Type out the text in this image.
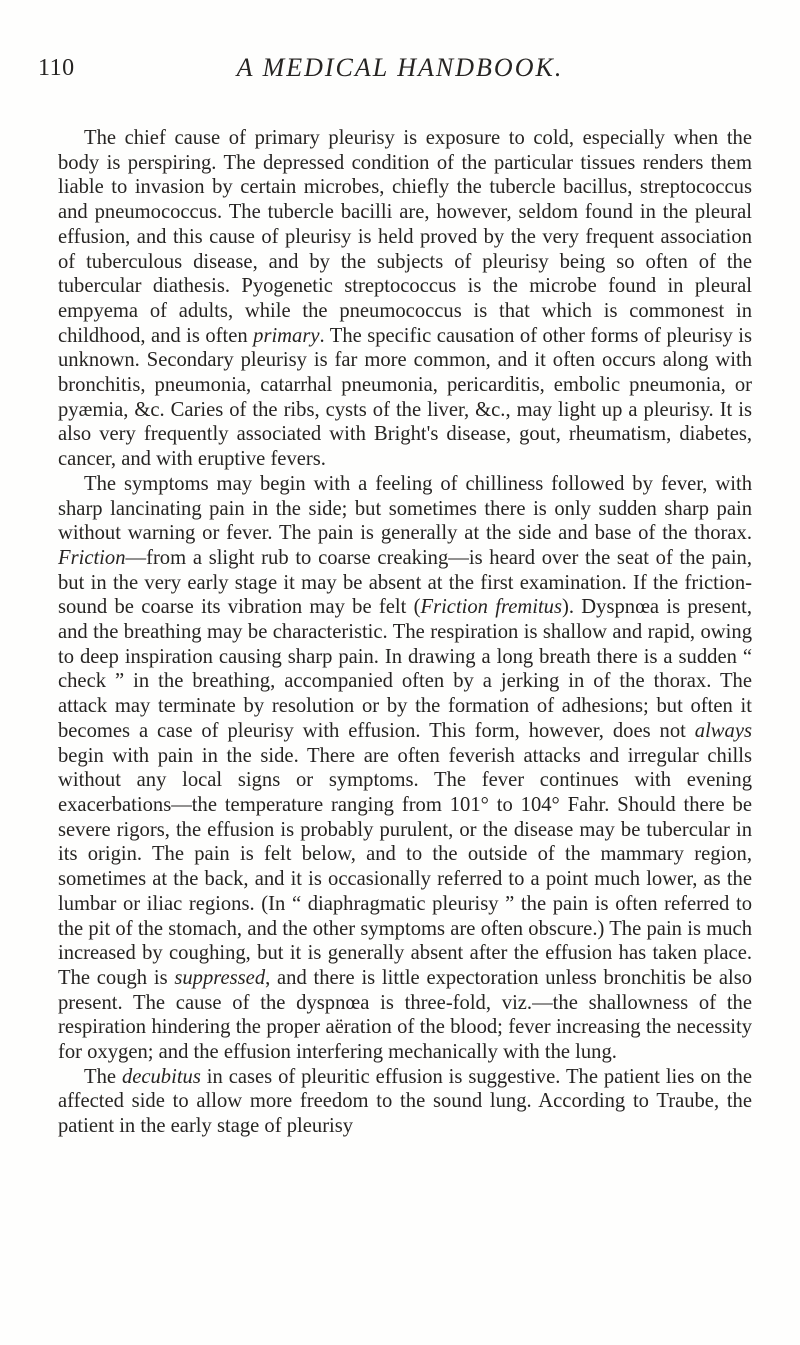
110	A MEDICAL HANDBOOK.

The chief cause of primary pleurisy is exposure to cold, especially when the body is perspiring. The depressed condition of the particular tissues renders them liable to invasion by certain microbes, chiefly the tubercle bacillus, streptococcus and pneumococcus. The tubercle bacilli are, however, seldom found in the pleural effusion, and this cause of pleurisy is held proved by the very frequent association of tuberculous disease, and by the subjects of pleurisy being so often of the tubercular diathesis. Pyogenetic streptococcus is the microbe found in pleural empyema of adults, while the pneumococcus is that which is commonest in childhood, and is often primary. The specific causation of other forms of pleurisy is unknown. Secondary pleurisy is far more common, and it often occurs along with bronchitis, pneumonia, catarrhal pneumonia, pericarditis, embolic pneumonia, or pyæmia, &c. Caries of the ribs, cysts of the liver, &c., may light up a pleurisy. It is also very frequently associated with Bright's disease, gout, rheumatism, diabetes, cancer, and with eruptive fevers.

The symptoms may begin with a feeling of chilliness followed by fever, with sharp lancinating pain in the side; but sometimes there is only sudden sharp pain without warning or fever. The pain is generally at the side and base of the thorax. Friction—from a slight rub to coarse creaking—is heard over the seat of the pain, but in the very early stage it may be absent at the first examination. If the friction-sound be coarse its vibration may be felt (Friction fremitus). Dyspnœa is present, and the breathing may be characteristic. The respiration is shallow and rapid, owing to deep inspiration causing sharp pain. In drawing a long breath there is a sudden “ check ” in the breathing, accompanied often by a jerking in of the thorax. The attack may terminate by resolution or by the formation of adhesions; but often it becomes a case of pleurisy with effusion. This form, however, does not always begin with pain in the side. There are often feverish attacks and irregular chills without any local signs or symptoms. The fever continues with evening exacerbations—the temperature ranging from 101° to 104° Fahr. Should there be severe rigors, the effusion is probably purulent, or the disease may be tubercular in its origin. The pain is felt below, and to the outside of the mammary region, sometimes at the back, and it is occasionally referred to a point much lower, as the lumbar or iliac regions. (In “ diaphragmatic pleurisy ” the pain is often referred to the pit of the stomach, and the other symptoms are often obscure.) The pain is much increased by coughing, but it is generally absent after the effusion has taken place. The cough is suppressed, and there is little expectoration unless bronchitis be also present. The cause of the dyspnœa is three-fold, viz.—the shallowness of the respiration hindering the proper aëration of the blood; fever increasing the necessity for oxygen; and the effusion interfering mechanically with the lung.

The decubitus in cases of pleuritic effusion is suggestive. The patient lies on the affected side to allow more freedom to the sound lung. According to Traube, the patient in the early stage of pleurisy
